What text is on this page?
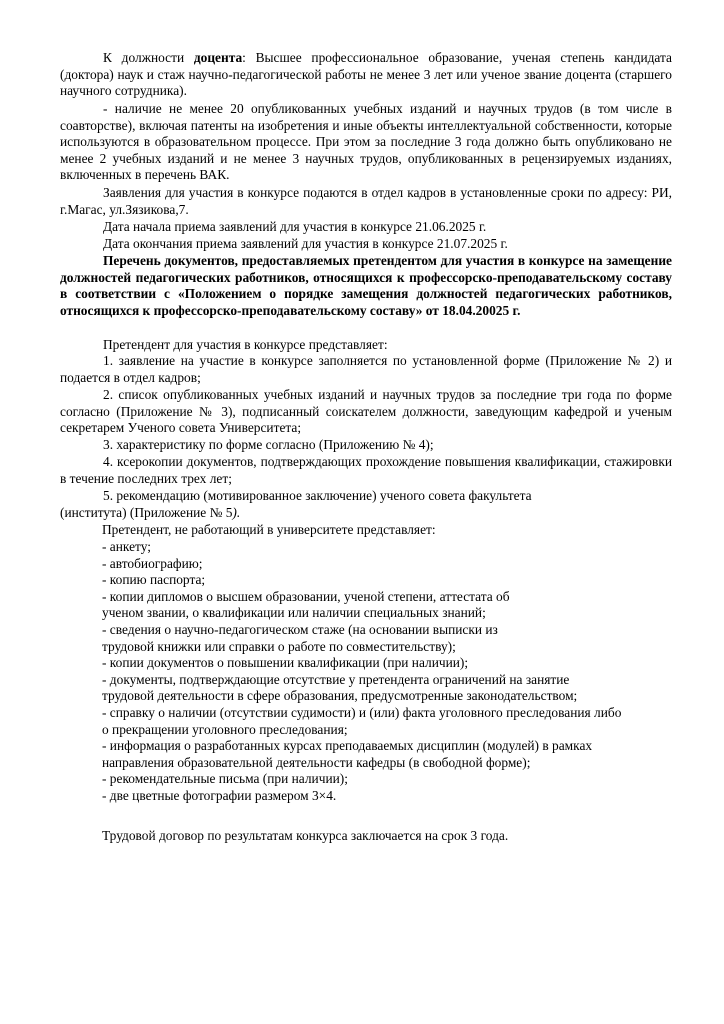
К должности доцента: Высшее профессиональное образование, ученая степень кандидата (доктора) наук и стаж научно-педагогической работы не менее 3 лет или ученое звание доцента (старшего научного сотрудника).

- наличие не менее 20 опубликованных учебных изданий и научных трудов (в том числе в соавторстве), включая патенты на изобретения и иные объекты интеллектуальной собственности, которые используются в образовательном процессе. При этом за последние 3 года должно быть опубликовано не менее 2 учебных изданий и не менее 3 научных трудов, опубликованных в рецензируемых изданиях, включенных в перечень ВАК.

Заявления для участия в конкурсе подаются в отдел кадров в установленные сроки по адресу: РИ, г.Магас, ул.Зязикова,7.

Дата начала приема заявлений для участия в конкурсе 21.06.2025 г.

Дата окончания приема заявлений для участия в конкурсе 21.07.2025 г.

Перечень документов, предоставляемых претендентом для участия в конкурсе на замещение должностей педагогических работников, относящихся к профессорско-преподавательскому составу в соответствии с «Положением о порядке замещения должностей педагогических работников, относящихся к профессорско-преподавательскому составу» от 18.04.20025 г.

Претендент для участия в конкурсе представляет:

1. заявление на участие в конкурсе заполняется по установленной форме (Приложение № 2) и подается в отдел кадров;

2. список опубликованных учебных изданий и научных трудов за последние три года по форме согласно (Приложение № 3), подписанный соискателем должности, заведующим кафедрой и ученым секретарем Ученого совета Университета;

3. характеристику по форме согласно (Приложению № 4);

4. ксерокопии документов, подтверждающих прохождение повышения квалификации, стажировки в течение последних трех лет;

5. рекомендацию (мотивированное заключение) ученого совета факультета

(института) (Приложение № 5).

Претендент, не работающий в университете представляет:

- анкету;
- автобиографию;
- копию паспорта;
- копии дипломов о высшем образовании, ученой степени, аттестата об
ученом звании, о квалификации или наличии специальных знаний;
- сведения о научно-педагогическом стаже (на основании выписки из
трудовой книжки или справки о работе по совместительству);
- копии документов о повышении квалификации (при наличии);
- документы, подтверждающие отсутствие у претендента ограничений на занятие
трудовой деятельности в сфере образования, предусмотренные законодательством;
- справку о наличии (отсутствии судимости) и (или) факта уголовного преследования либо
о прекращении уголовного преследования;
- информация о разработанных курсах преподаваемых дисциплин (модулей) в рамках
направления образовательной деятельности кафедры (в свободной форме);
- рекомендательные письма (при наличии);
- две цветные фотографии размером 3×4.

Трудовой договор по результатам конкурса заключается на срок 3 года.
